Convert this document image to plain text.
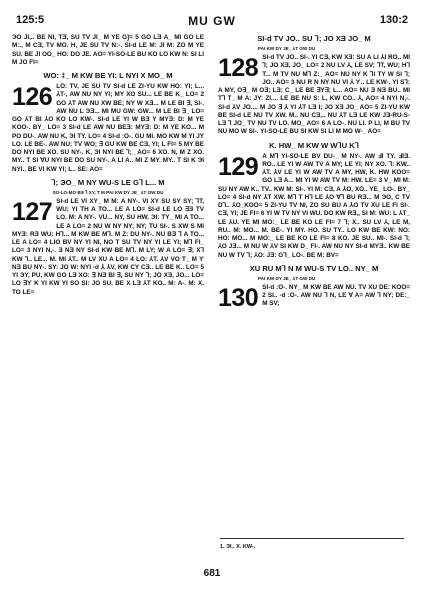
125:5	MU GW	130:2

ЭO JI,.. BE NI, TƎ, SU TV JI_ M YE G]= 5 GO LƎ A_ MI GO LE M:., M CƎ, TV MO. H, JE SU TV N:-. SI-d LE M: JI M: ZO M YE SU. BE JI OO_ HO: DO JE. AO= YI-SO-LE BU KO LO KW N: SI LI M JO FI=

WO: ‡_ M KW BE YI: L NYI X MO_ M
126 LO: TV, JE SU TV SI-d LE ZI-YU KW HO: YI; L... ⅄T-, AW NU NY YI; MY XO SU... LE BE K_ LO= 2 GO ⅄T AW NU XW BE; NY W XƎ... M LE BI ∃, SI-. AW NU L ЭƎ... MI MU GW: GW... M LE BI ∃_ LO= GO ⅄T BI ⅄O KO LO KW-. SI-d LE YI W BƎ Y MYƎ: D: M YE KOO-. BY_ LO= 3 SI-d LE AW NU BEƎ: MYƎ: D: M YE KO... M PO DU-. AW NU K, ЭI TY. LO= 4 SI-d :O-. GU MI. MO KW M YI JY LO. LE BE-. AW NU: TV WO; ∃ GU KW BE CƎ, YI; L FI= 5 MY BE DO NYI BE XO. SU NY-. K, ЭI NYI BE ⅂;_ AO= 6 XO. N, M Z XO. MY.. T SI ∀U NYI BE DO SU NY-. A LI A.. MI Z MY. MY.. T SI K ЭI NYI.. BE VI KW YI; L.. SE: AO=

⅂; ЭO_ M NY WU-S LE G⅂ L... M
SO-LO-MO BƎ ⅂ XY, T M PAI KW DY JE_ ⅄T GW DU
127 SI-d LE VI XY_ M M: A NY-. VI XY SU SY SY; ⅂T, WU; YI TH A TO... LE A LO= SI-d LE LO ∃Ǝ TV LO. M: A NY-. VU... NY, SU HW. ЭI: TY_ MI A TO... LE A LO= 2 NU W NY NY; NY; TU SI-. S XW S MI MYƎ: RƎ WU: H⅂... M KW BE M⅂. M Z: DU NY-. NU BƎ ⅂ A TO... LE A LO= 4 LIO BV NY YI NI, NO T SU TV NY YI LE YI; M⅂ FI_ LO= 3 NYI N,-. Ǝ NƎ NY SI-d KW BE M⅂. M LY; W A LO= ∃; X⅂ KW ⅂.. LE... M. MI ⅄T.. M LV XU A LO= 4 LO: ⅄T. ⅄V VO T_ M Ƴ NƎ BU NY-. SY: JO W: NYI -d ⅄ ⅄V, KW CY CƎ.. LE BE K.. LO= 5 YI ЭY, PU, KW GO LƎ XO: ∃ NƎ BI ∃, SU NY ⅂; JO XƎ, JO... LO= LO ∃Ƴ K YI KW YI SO SI: JO SU. BE X LƎ ⅄T KO.. M: A-. M: X. TO LE=

SI-d TV JO.. SU ⅂; JO XƎ JO_ M
PAI KW DY JE_ ⅄T GW DU
128 SI-d TV JO.. SI-. YI CƎ, KW XƎ: SU A LI ⅄I RO.. MI ⅂; JO XƎ, JO_ LO= 2 NU LV ⅄, LE SV; ⅂T, WU; H⅂ T... M TV NU M⅂ Z:_ AO= NU NY K ⅂I TY W SI ⅂; JO.. AO= 3 NU R N NY NU VI ⅄ Ƴ.. LE KW-. YI S⅂: A MY, O∃_ M OƎ; LƎ; C_ LE BE ∃Y∃; L... AO= NU Ǝ NƎ BU.. MI T⅂ T_ M A: JY: ZI.... LE BE NU S: L, KW CO.. ⅄, AO= 4 NYI N,-. SI-d ⅄V JO.... M JO ∃ ⅄ YI ⅄T LƎ I; JO XƎ JO_ AO= 5 ZI-YU KW BE SI-d LE NU TV XW. M.. NU CƎ,.. NU ⅄T LƎ LE KW JƎ-RU-S-LƎ ⅂ JO_ TV NU TV LO. MO_ AO= 6 A LO-. NU LI. P LI, M BU TV NU MO W SI-. YI-SO-LE BU SI KW SI LI M MO W-_ AO=

K. HW_ M KW W W⅂U K⅂
129 A M⅂ YI-SO-LE BV DU-_ M NY-. AW ℲI TY. ℲIƎ. RO.. LE YI W AW TV A MY; LE YI; NY XO. ⅂: KW.. ⅄T. ⅄V LE YI W AW TV A MY, HW, K. HW KOO= GO LƎ A... MI YI W AW TV M: HW. LE= 3 V_ MI M: SU NY AW K.. TV.. KW M: SI-. YI M: CƎ, A ⅄O, XO.. YE_ LO-. BY_ LO= 4 SI-d NY ⅄T XW. M⅂ T H⅂ LE ⅄O ∀⅂ BU RƎ... M ЭO, C TV D⅂.. ⅄O_KOO= 5 ZI-YU TV NI, ZO SU BU A ⅄O TV XU LE FI SI-. CƎ, YI; JE FI= 6 YI W TV NY VI WU. DO KW RƎ,, SI M: WU: L ⅄T_ LE ⅄U. YE MI MO:_ LE BE KO LE FI= 7 ⅂; X.. SU LV ⅄, LE M, RU.. M: MO... M. BE-. YI MY. HO. SU TY.. LO KW BE KW: NO: HO: MO... M MO:_ LE BE KO LE FI= 8 KO. JE SU.. MI-. SI-d ⅂; ⅄O JƎ... M NU W ⅄V SI KW D_ FI-. AW NU NY SI-d MYƎ.. KW BE NU W TV ⅂; ⅄O: JƎ: G⅂_ LO-. BE M: BV=

XU RU M⅂ N M WU-S TV LO.. NY_ M
PAI KW DY JE_ ⅄T GW DU
130 SI-d :O-. NY_ M KW BE AW NU. TV XU DE: KOO= 2 SI.. -d :O-. AW NU ⅂ N, LE ∀ A= AW ⅂ NY; DE:_ M SV;

1. ЭI.. X. KW-.
681
